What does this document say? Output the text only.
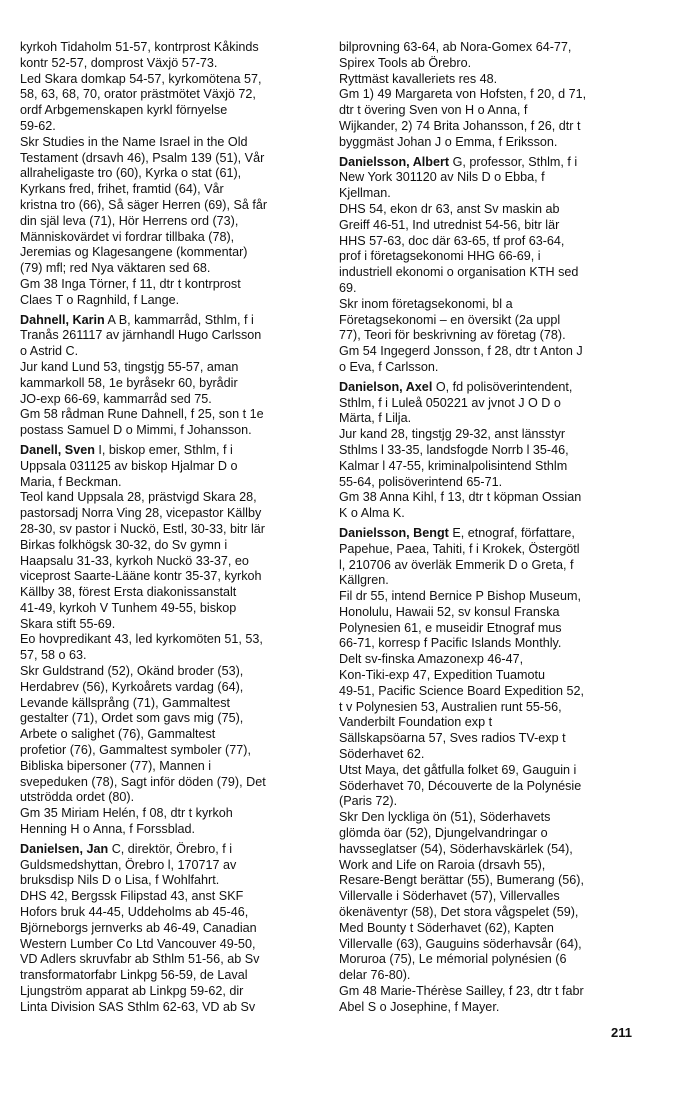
kyrkoh Tidaholm 51-57, kontrprost Kåkinds
kontr 52-57, domprost Växjö 57-73.
Led Skara domkap 54-57, kyrkomötena 57,
58, 63, 68, 70, orator prästmötet Växjö 72,
ordf Arbgemenskapen kyrkl förnyelse
59-62.
Skr Studies in the Name Israel in the Old
Testament (drsavh 46), Psalm 139 (51), Vår
allraheligaste tro (60), Kyrka o stat (61),
Kyrkans fred, frihet, framtid (64), Vår
kristna tro (66), Så säger Herren (69), Så får
din själ leva (71), Hör Herrens ord (73),
Människovärdet vi fordrar tillbaka (78),
Jeremias og Klagesangene (kommentar)
(79) mfl; red Nya väktaren sed 68.
Gm 38 Inga Törner, f 11, dtr t kontrprost
Claes T o Ragnhild, f Lange.
Dahnell, Karin A B, kammarråd, Sthlm, f i
Tranås 261117 av järnhandl Hugo Carlsson
o Astrid C.
Jur kand Lund 53, tingstjg 55-57, aman
kammarkoll 58, 1e byråsekr 60, byrådir
JO-exp 66-69, kammarråd sed 75.
Gm 58 rådman Rune Dahnell, f 25, son t 1e
postass Samuel D o Mimmi, f Johansson.
Danell, Sven I, biskop emer, Sthlm, f i
Uppsala 031125 av biskop Hjalmar D o
Maria, f Beckman.
Teol kand Uppsala 28, prästvigd Skara 28,
pastorsadj Norra Ving 28, vicepastor Källby
28-30, sv pastor i Nuckö, Estl, 30-33, bitr lär
Birkas folkhögsk 30-32, do Sv gymn i
Haapsalu 31-33, kyrkoh Nuckö 33-37, eo
viceprost Saarte-Lääne kontr 35-37, kyrkoh
Källby 38, förest Ersta diakonissanstalt
41-49, kyrkoh V Tunhem 49-55, biskop
Skara stift 55-69.
Eo hovpredikant 43, led kyrkomöten 51, 53,
57, 58 o 63.
Skr Guldstrand (52), Okänd broder (53),
Herdabrev (56), Kyrkoårets vardag (64),
Levande källsprång (71), Gammaltest
gestalter (71), Ordet som gavs mig (75),
Arbete o salighet (76), Gammaltest
profetior (76), Gammaltest symboler (77),
Bibliska bipersoner (77), Mannen i
svepeduken (78), Sagt inför döden (79), Det
utströdda ordet (80).
Gm 35 Miriam Helén, f 08, dtr t kyrkoh
Henning H o Anna, f Forssblad.
Danielsen, Jan C, direktör, Örebro, f i
Guldsmedshyttan, Örebro l, 170717 av
bruksdisp Nils D o Lisa, f Wohlfahrt.
DHS 42, Bergssk Filipstad 43, anst SKF
Hofors bruk 44-45, Uddeholms ab 45-46,
Björneborgs jernverks ab 46-49, Canadian
Western Lumber Co Ltd Vancouver 49-50,
VD Adlers skruvfabr ab Sthlm 51-56, ab Sv
transformatorfabr Linkpg 56-59, de Laval
Ljungström apparat ab Linkpg 59-62, dir
Linta Division SAS Sthlm 62-63, VD ab Sv
bilprovning 63-64, ab Nora-Gomex 64-77,
Spirex Tools ab Örebro.
Ryttmäst kavalleriets res 48.
Gm 1) 49 Margareta von Hofsten, f 20, d 71,
dtr t övering Sven von H o Anna, f
Wijkander, 2) 74 Brita Johansson, f 26, dtr t
byggmäst Johan J o Emma, f Eriksson.
Danielsson, Albert G, professor, Sthlm, f i
New York 301120 av Nils D o Ebba, f
Kjellman.
DHS 54, ekon dr 63, anst Sv maskin ab
Greiff 46-51, Ind utrednist 54-56, bitr lär
HHS 57-63, doc där 63-65, tf prof 63-64,
prof i företagsekonomi HHG 66-69, i
industriell ekonomi o organisation KTH sed
69.
Skr inom företagsekonomi, bl a
Företagsekonomi – en översikt (2a uppl
77), Teori för beskrivning av företag (78).
Gm 54 Ingegerd Jonsson, f 28, dtr t Anton J
o Eva, f Carlsson.
Danielson, Axel O, fd polisöverintendent,
Sthlm, f i Luleå 050221 av jvnot J O D o
Märta, f Lilja.
Jur kand 28, tingstjg 29-32, anst länsstyr
Sthlms l 33-35, landsfogde Norrb l 35-46,
Kalmar l 47-55, kriminalpolisintend Sthlm
55-64, polisöverintend 65-71.
Gm 38 Anna Kihl, f 13, dtr t köpman Ossian
K o Alma K.
Danielsson, Bengt E, etnograf, författare,
Papehue, Paea, Tahiti, f i Krokek, Östergötl
l, 210706 av överläk Emmerik D o Greta, f
Källgren.
Fil dr 55, intend Bernice P Bishop Museum,
Honolulu, Hawaii 52, sv konsul Franska
Polynesien 61, e museidir Etnograf mus
66-71, korresp f Pacific Islands Monthly.
Delt sv-finska Amazonexp 46-47,
Kon-Tiki-exp 47, Expedition Tuamotu
49-51, Pacific Science Board Expedition 52,
t v Polynesien 53, Australien runt 55-56,
Vanderbilt Foundation exp t
Sällskapsöarna 57, Sves radios TV-exp t
Söderhavet 62.
Utst Maya, det gåtfulla folket 69, Gauguin i
Söderhavet 70, Découverte de la Polynésie
(Paris 72).
Skr Den lyckliga ön (51), Söderhavets
glömda öar (52), Djungelvandringar o
havsseglatser (54), Söderhavskärlek (54),
Work and Life on Raroia (drsavh 55),
Resare-Bengt berättar (55), Bumerang (56),
Villervalle i Söderhavet (57), Villervalles
ökenäventyr (58), Det stora vågspelet (59),
Med Bounty t Söderhavet (62), Kapten
Villervalle (63), Gauguins söderhavsår (64),
Moruroa (75), Le mémorial polynésien (6
delar 76-80).
Gm 48 Marie-Thérèse Sailley, f 23, dtr t fabr
Abel S o Josephine, f Mayer.
211
